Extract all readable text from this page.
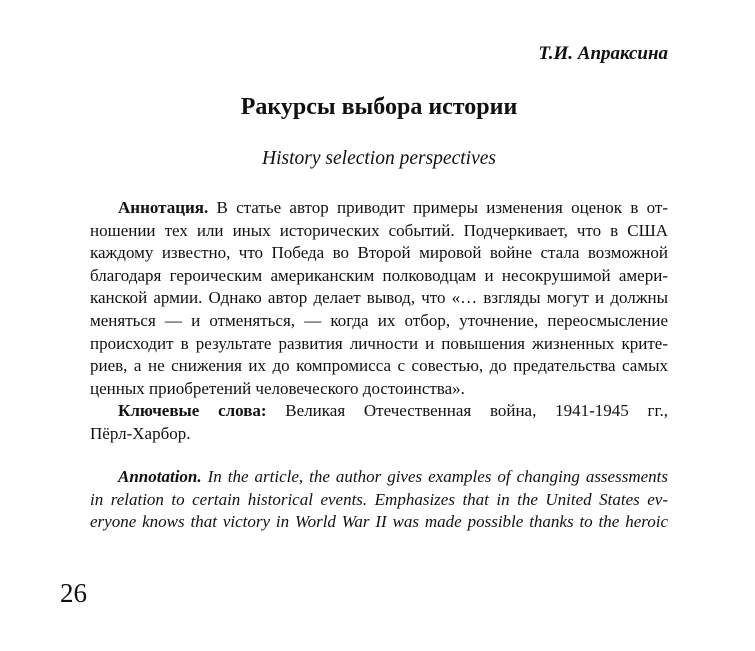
Т.И. Апраксина
Ракурсы выбора истории
History selection perspectives
Аннотация. В статье автор приводит примеры изменения оценок в от-
ношении тех или иных исторических событий. Подчеркивает, что в США
каждому известно, что Победа во Второй мировой войне стала возможной
благодаря героическим американским полководцам и несокрушимой амери-
канской армии. Однако автор делает вывод, что «… взгляды могут и должны
меняться — и отменяться, — когда их отбор, уточнение, переосмысление
происходит в результате развития личности и повышения жизненных крите-
риев, а не снижения их до компромисса с совестью, до предательства самых
ценных приобретений человеческого достоинства».
Ключевые слова: Великая Отечественная война, 1941-1945 гг.,
Пёрл-Харбор.
Annotation. In the article, the author gives examples of changing assessments
in relation to certain historical events. Emphasizes that in the United States ev-
eryone knows that victory in World War II was made possible thanks to the heroic
26
